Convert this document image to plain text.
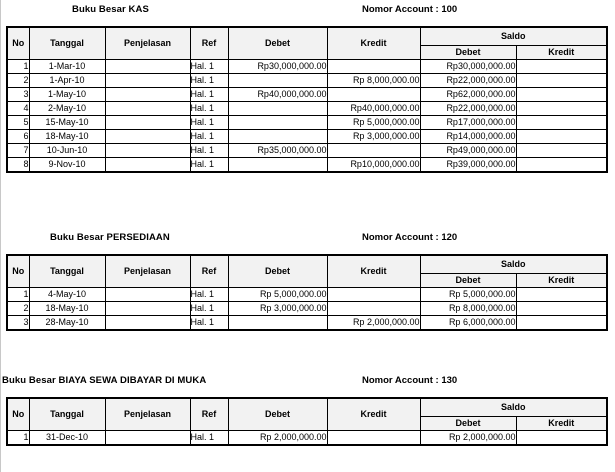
Buku Besar KAS	Nomor Account : 100
No	Tanggal	Penjelasan	Ref	Debet	Kredit	Saldo	
						Debet	Kredit
1	1-Mar-10		Hal. 1	Rp30,000,000.00		Rp30,000,000.00	
2	1-Apr-10		Hal. 1		Rp 8,000,000.00	Rp22,000,000.00	
3	1-May-10		Hal. 1	Rp40,000,000.00		Rp62,000,000.00	
4	2-May-10		Hal. 1		Rp40,000,000.00	Rp22,000,000.00	
5	15-May-10		Hal. 1		Rp 5,000,000.00	Rp17,000,000.00	
6	18-May-10		Hal. 1		Rp 3,000,000.00	Rp14,000,000.00	
7	10-Jun-10		Hal. 1	Rp35,000,000.00		Rp49,000,000.00	
8	9-Nov-10		Hal. 1		Rp10,000,000.00	Rp39,000,000.00	
Buku Besar PERSEDIAAN	Nomor Account : 120
No	Tanggal	Penjelasan	Ref	Debet	Kredit	Saldo	
						Debet	Kredit
1	4-May-10		Hal. 1	Rp 5,000,000.00		Rp 5,000,000.00	
2	18-May-10		Hal. 1	Rp 3,000,000.00		Rp 8,000,000.00	
3	28-May-10		Hal. 1		Rp 2,000,000.00	Rp 6,000,000.00	
Buku Besar BIAYA SEWA DIBAYAR DI MUKA	Nomor Account : 130
No	Tanggal	Penjelasan	Ref	Debet	Kredit	Saldo	
						Debet	Kredit
1	31-Dec-10		Hal. 1	Rp 2,000,000.00		Rp 2,000,000.00	
